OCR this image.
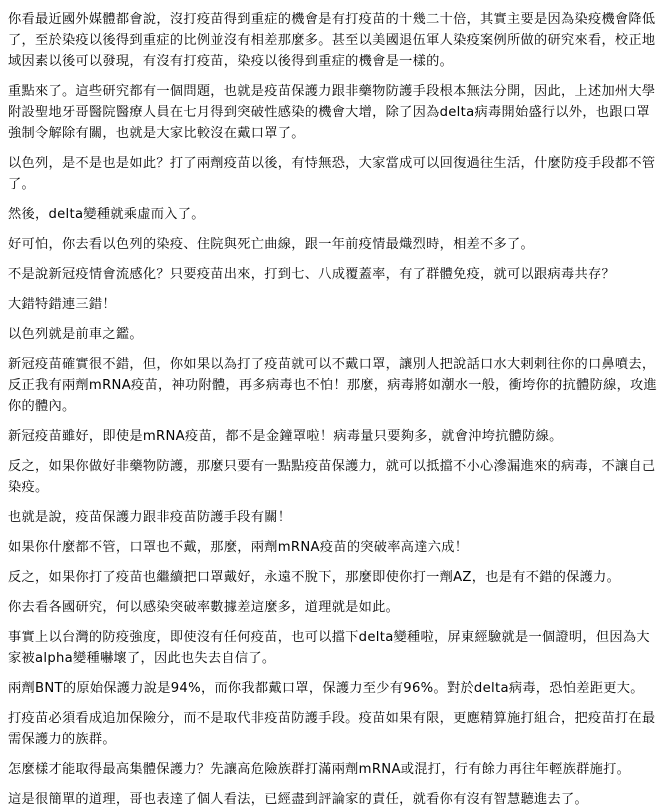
你看最近國外媒體都會說，沒打疫苗得到重症的機會是有打疫苗的十幾二十倍，其實主要是因為染疫機會降低了，至於染疫以後得到重症的比例並沒有相差那麼多。甚至以美國退伍軍人染疫案例所做的研究來看，校正地域因素以後可以發現，有沒有打疫苗，染疫以後得到重症的機會是一樣的。

重點來了。這些研究都有一個問題，也就是疫苗保護力跟非藥物防護手段根本無法分開，因此，上述加州大學附設聖地牙哥醫院醫療人員在七月得到突破性感染的機會大增，除了因為delta病毒開始盛行以外，也跟口罩強制令解除有關，也就是大家比較沒在戴口罩了。

以色列，是不是也是如此？打了兩劑疫苗以後，有恃無恐，大家當成可以回復過往生活，什麼防疫手段都不管了。

然後，delta變種就乘虛而入了。

好可怕，你去看以色列的染疫、住院與死亡曲線，跟一年前疫情最熾烈時，相差不多了。

不是說新冠疫情會流感化？只要疫苗出來，打到七、八成覆蓋率，有了群體免疫，就可以跟病毒共存？

大錯特錯連三錯！

以色列就是前車之鑑。

新冠疫苗確實很不錯，但，你如果以為打了疫苗就可以不戴口罩，讓別人把說話口水大剌剌往你的口鼻噴去，反正我有兩劑mRNA疫苗，神功附體，再多病毒也不怕！那麼，病毒將如潮水一般，衝垮你的抗體防線，攻進你的體內。

新冠疫苗雖好，即使是mRNA疫苗，都不是金鐘罩啦！病毒量只要夠多，就會沖垮抗體防線。

反之，如果你做好非藥物防護，那麼只要有一點點疫苗保護力，就可以抵擋不小心滲漏進來的病毒，不讓自己染疫。

也就是說，疫苗保護力跟非疫苗防護手段有關！

如果你什麼都不管，口罩也不戴，那麼，兩劑mRNA疫苗的突破率高達六成！

反之，如果你打了疫苗也繼續把口罩戴好，永遠不脫下，那麼即使你打一劑AZ，也是有不錯的保護力。

你去看各國研究，何以感染突破率數據差這麼多，道理就是如此。

事實上以台灣的防疫強度，即使沒有任何疫苗，也可以擋下delta變種啦，屏東經驗就是一個證明，但因為大家被alpha變種嚇壞了，因此也失去自信了。

兩劑BNT的原始保護力說是94%，而你我都戴口罩，保護力至少有96%。對於delta病毒，恐怕差距更大。

打疫苗必須看成追加保險分，而不是取代非疫苗防護手段。疫苗如果有限，更應精算施打組合，把疫苗打在最需保護力的族群。

怎麼樣才能取得最高集體保護力？先讓高危險族群打滿兩劑mRNA或混打，行有餘力再往年輕族群施打。

這是很簡單的道理，哥也表達了個人看法，已經盡到評論家的責任，就看你有沒有智慧聽進去了。
